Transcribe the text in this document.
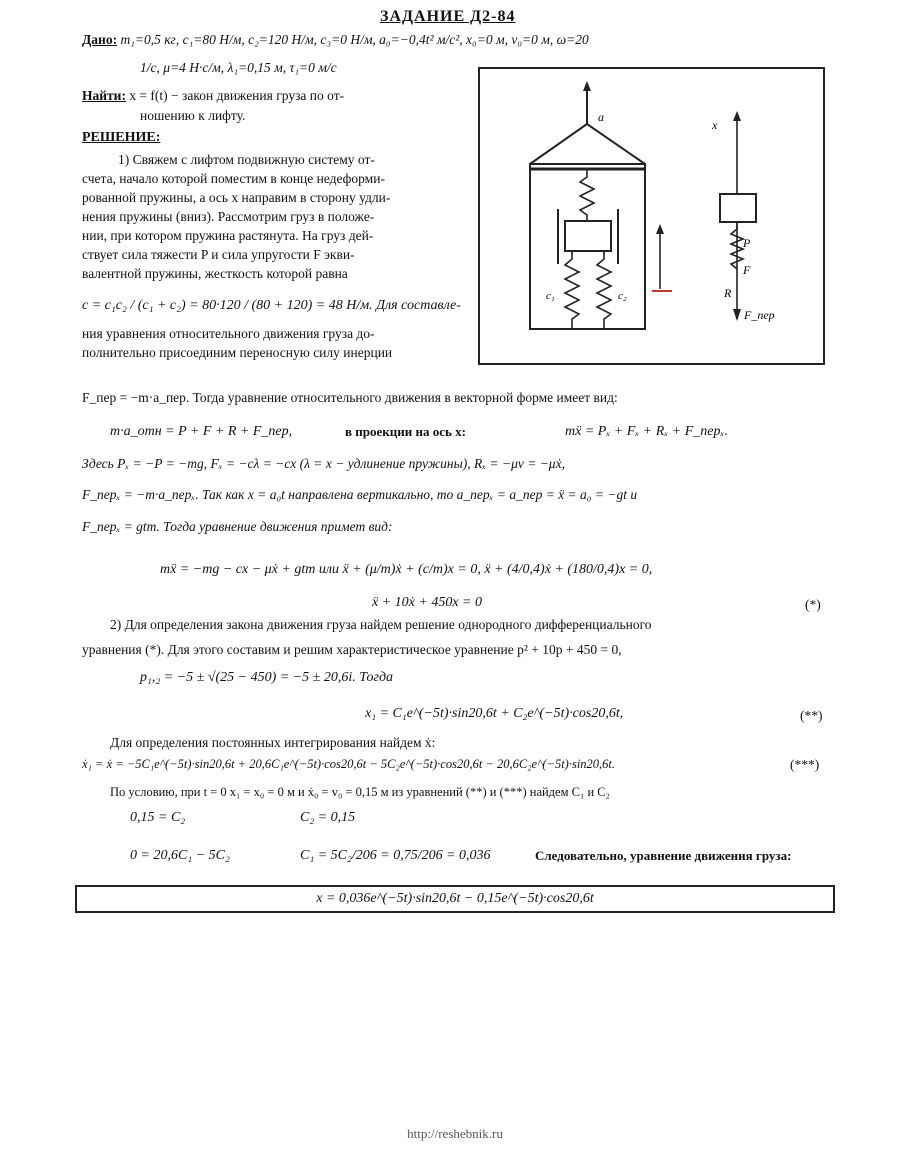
ЗАДАНИЕ Д2-84
Дано: m₁=0,5 кг, c₁=80 Н/м, c₂=120 Н/м, c₃=0 Н/м, a₀=−0,4t² м/с², x₀=0 м, v₀=0 м, ω=20
1/с, μ=4 Н·с/м, λ₁=0,15 м, τ₁=0 м/с
Найти: x = f(t) − закон движения груза по от-
ношению к лифту.
РЕШЕНИЕ:
1) Свяжем с лифтом подвижную систему от-
счета, начало которой поместим в конце недеформи-
рованной пружины, а ось x направим в сторону удли-
нения пружины (вниз). Рассмотрим груз в положе-
нии, при котором пружина растянута. На груз дей-
ствует сила тяжести P и сила упругости F экви-
валентной пружины, жесткость которой равна
c = c₁c₂ / (c₁ + c₂) = 80·120 / (80 + 120) = 48 Н/м. Для составле-
ния уравнения относительного движения груза до-
полнительно присоединим переносную силу инерции
c₁	c₂
a
x
P
F
R
F_пер
F_пер = −m·a_пер. Тогда уравнение относительного движения в векторной форме имеет вид:
m·a_отн = P + F + R + F_пер,	в проекции на ось x:	mẍ = Pₓ + Fₓ + Rₓ + F_перₓ.
Здесь Pₓ = −P = −mg, Fₓ = −cλ = −cx (λ = x − удлинение пружины), Rₓ = −μv = −μẋ,
F_перₓ = −m·a_перₓ. Так как x = a₀t направлена вертикально, то a_перₓ = a_пер = ẍ = a₀ = −gt и
F_перₓ = gtm. Тогда уравнение движения примет вид:
mẍ = −mg − cx − μẋ + gtm или ẍ + (μ/m)ẋ + (c/m)x = 0, ẍ + (4/0,4)ẋ + (180/0,4)x = 0,
ẍ + 10ẋ + 450x = 0	(*)
2) Для определения закона движения груза найдем решение однородного дифференциального
уравнения (*). Для этого составим и решим характеристическое уравнение p² + 10p + 450 = 0,
p₁,₂ = −5 ± √(25 − 450) = −5 ± 20,6i. Тогда
x₁ = C₁e^(−5t)·sin20,6t + C₂e^(−5t)·cos20,6t,	(**)
Для определения постоянных интегрирования найдем ẋ:
ẋ₁ = ẋ = −5C₁e^(−5t)·sin20,6t + 20,6C₁e^(−5t)·cos20,6t − 5C₂e^(−5t)·cos20,6t − 20,6C₂e^(−5t)·sin20,6t.	(***)
По условию, при t = 0 x₁ = x₀ = 0 м и ẋ₀ = v₀ = 0,15 м из уравнений (**) и (***) найдем C₁ и C₂
0,15 = C₂	C₂ = 0,15
0 = 20,6C₁ − 5C₂	C₁ = 5C₂/206 = 0,75/206 = 0,036	Следовательно, уравнение движения груза:
x = 0,036e^(−5t)·sin20,6t − 0,15e^(−5t)·cos20,6t
http://reshebnik.ru
